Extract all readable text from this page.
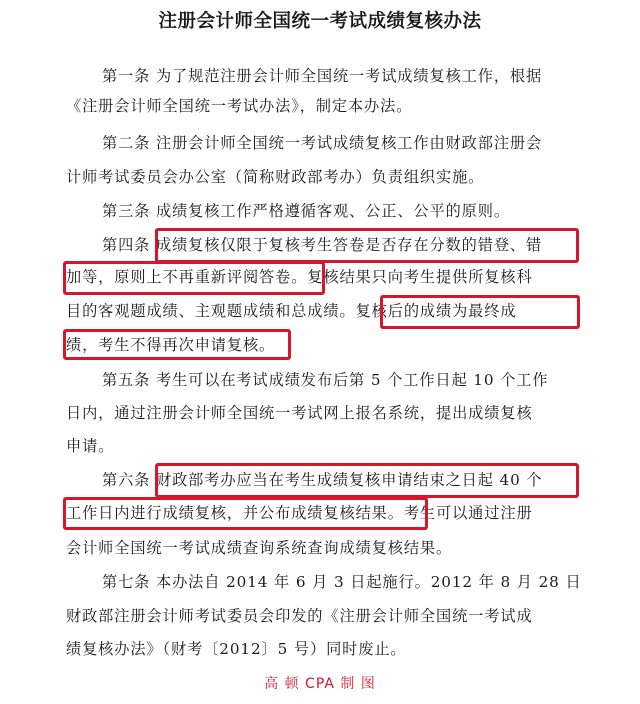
注册会计师全国统一考试成绩复核办法
第一条 为了规范注册会计师全国统一考试成绩复核工作，根据
《注册会计师全国统一考试办法》，制定本办法。
第二条 注册会计师全国统一考试成绩复核工作由财政部注册会
计师考试委员会办公室（简称财政部考办）负责组织实施。
第三条 成绩复核工作严格遵循客观、公正、公平的原则。
第四条 成绩复核仅限于复核考生答卷是否存在分数的错登、错
加等，原则上不再重新评阅答卷。复核结果只向考生提供所复核科
目的客观题成绩、主观题成绩和总成绩。复核后的成绩为最终成
绩，考生不得再次申请复核。
第五条 考生可以在考试成绩发布后第 5 个工作日起 10 个工作
日内，通过注册会计师全国统一考试网上报名系统，提出成绩复核
申请。
第六条 财政部考办应当在考生成绩复核申请结束之日起 40 个
工作日内进行成绩复核，并公布成绩复核结果。考生可以通过注册
会计师全国统一考试成绩查询系统查询成绩复核结果。
第七条 本办法自 2014 年 6 月 3 日起施行。2012 年 8 月 28 日
财政部注册会计师考试委员会印发的《注册会计师全国统一考试成
绩复核办法》（财考〔2012〕5 号）同时废止。
高 顿 CPA 制 图
